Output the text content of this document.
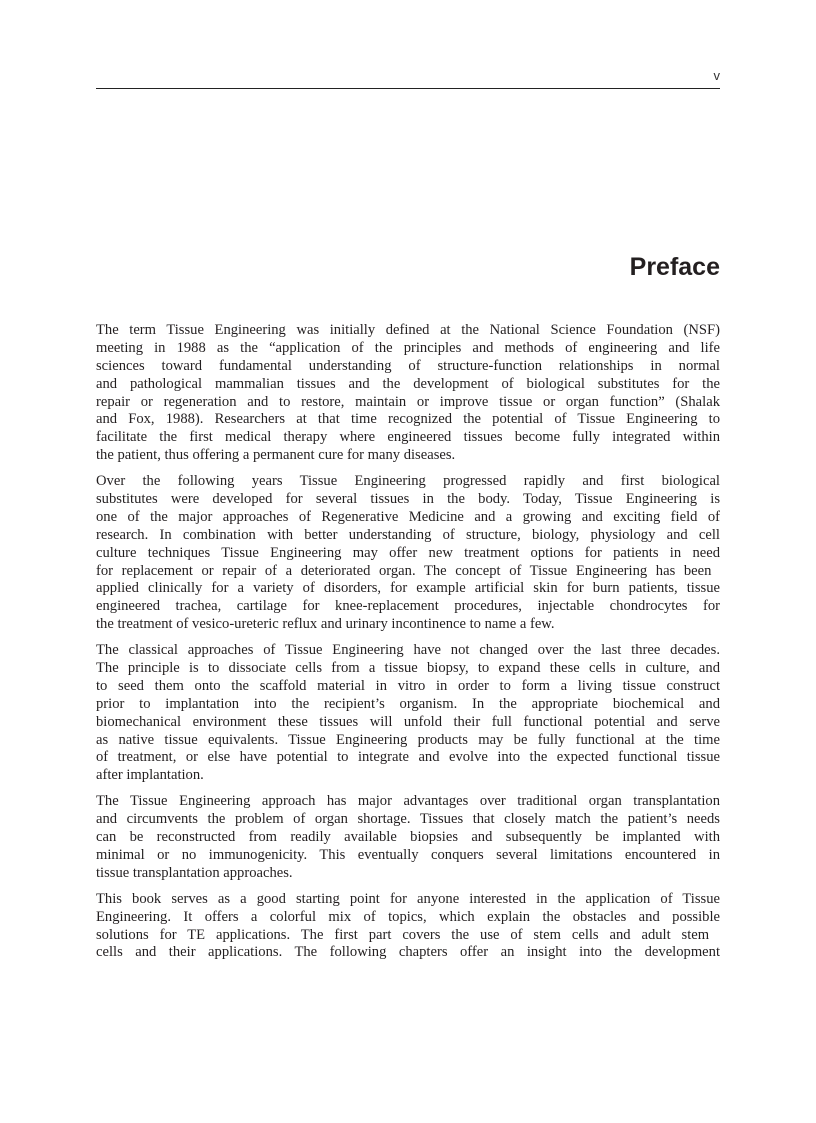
v
Preface
The term Tissue Engineering was initially defined at the National Science Foundation (NSF)
meeting in 1988 as the “application of the principles and methods of engineering and life
sciences toward fundamental understanding of structure-function relationships in normal
and pathological mammalian tissues and the development of biological substitutes for the
repair or regeneration and to restore, maintain or improve tissue or organ function” (Shalak
and Fox, 1988). Researchers at that time recognized the potential of Tissue Engineering to
facilitate the first medical therapy where engineered tissues become fully integrated within
the patient, thus offering a permanent cure for many diseases.
Over the following years Tissue Engineering progressed rapidly and first biological
substitutes were developed for several tissues in the body. Today, Tissue Engineering is
one of the major approaches of Regenerative Medicine and a growing and exciting field of
research. In combination with better understanding of structure, biology, physiology and cell
culture techniques Tissue Engineering may offer new treatment options for patients in need
for replacement or repair of a deteriorated organ. The concept of Tissue Engineering has been
applied clinically for a variety of disorders, for example artificial skin for burn patients, tissue
engineered trachea, cartilage for knee-replacement procedures, injectable chondrocytes for
the treatment of vesico-ureteric reflux and urinary incontinence to name a few.
The classical approaches of Tissue Engineering have not changed over the last three decades.
The principle is to dissociate cells from a tissue biopsy, to expand these cells in culture, and
to seed them onto the scaffold material in vitro in order to form a living tissue construct
prior to implantation into the recipient’s organism. In the appropriate biochemical and
biomechanical environment these tissues will unfold their full functional potential and serve
as native tissue equivalents. Tissue Engineering products may be fully functional at the time
of treatment, or else have potential to integrate and evolve into the expected functional tissue
after implantation.
The Tissue Engineering approach has major advantages over traditional organ transplantation
and circumvents the problem of organ shortage. Tissues that closely match the patient’s needs
can be reconstructed from readily available biopsies and subsequently be implanted with
minimal or no immunogenicity. This eventually conquers several limitations encountered in
tissue transplantation approaches.
This book serves as a good starting point for anyone interested in the application of Tissue
Engineering. It offers a colorful mix of topics, which explain the obstacles and possible
solutions for TE applications. The first part covers the use of stem cells and adult stem
cells and their applications. The following chapters offer an insight into the development
